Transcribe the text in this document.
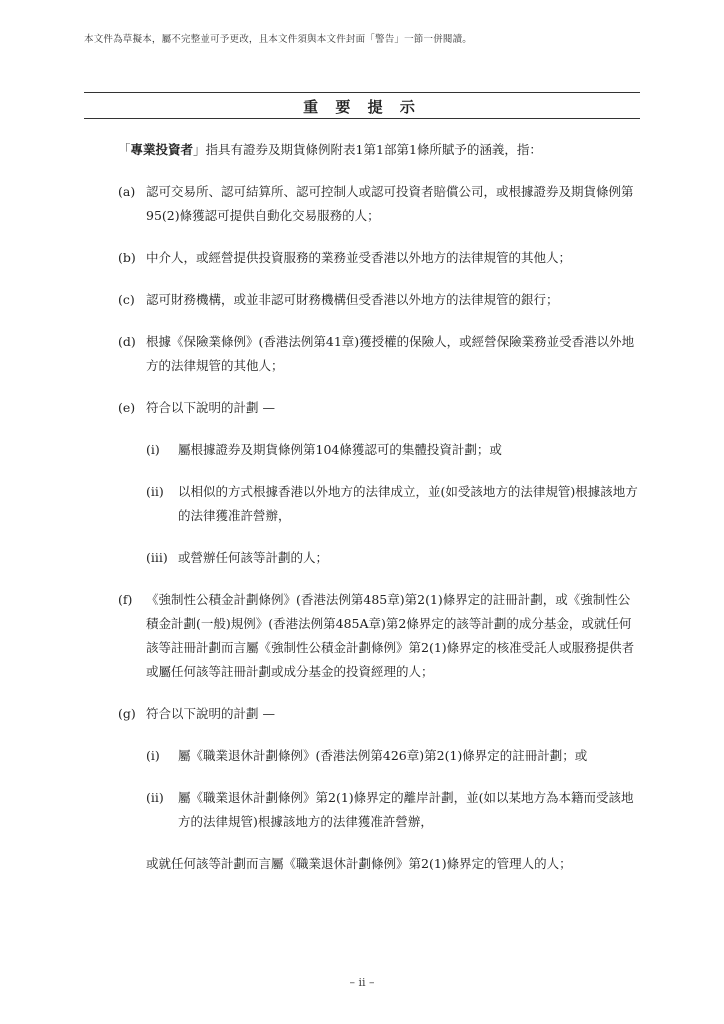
本文件為草擬本，屬不完整並可予更改，且本文件須與本文件封面「警告」一節一併閱讀。
重 要 提 示

「專業投資者」指具有證券及期貨條例附表1第1部第1條所賦予的涵義，指：

(a) 認可交易所、認可結算所、認可控制人或認可投資者賠償公司，或根據證券及期貨條例第95(2)條獲認可提供自動化交易服務的人；
(b) 中介人，或經營提供投資服務的業務並受香港以外地方的法律規管的其他人；
(c) 認可財務機構，或並非認可財務機構但受香港以外地方的法律規管的銀行；
(d) 根據《保險業條例》(香港法例第41章)獲授權的保險人，或經營保險業務並受香港以外地方的法律規管的其他人；
(e) 符合以下說明的計劃 —
(i) 屬根據證券及期貨條例第104條獲認可的集體投資計劃；或
(ii) 以相似的方式根據香港以外地方的法律成立，並(如受該地方的法律規管)根據該地方的法律獲准許營辦，
(iii) 或營辦任何該等計劃的人；
(f) 《強制性公積金計劃條例》(香港法例第485章)第2(1)條界定的註冊計劃，或《強制性公積金計劃(一般)規例》(香港法例第485A章)第2條界定的該等計劃的成分基金，或就任何該等註冊計劃而言屬《強制性公積金計劃條例》第2(1)條界定的核准受託人或服務提供者或屬任何該等註冊計劃或成分基金的投資經理的人；
(g) 符合以下說明的計劃 —
(i) 屬《職業退休計劃條例》(香港法例第426章)第2(1)條界定的註冊計劃；或
(ii) 屬《職業退休計劃條例》第2(1)條界定的離岸計劃，並(如以某地方為本籍而受該地方的法律規管)根據該地方的法律獲准許營辦，

或就任何該等計劃而言屬《職業退休計劃條例》第2(1)條界定的管理人的人；

– ii –
